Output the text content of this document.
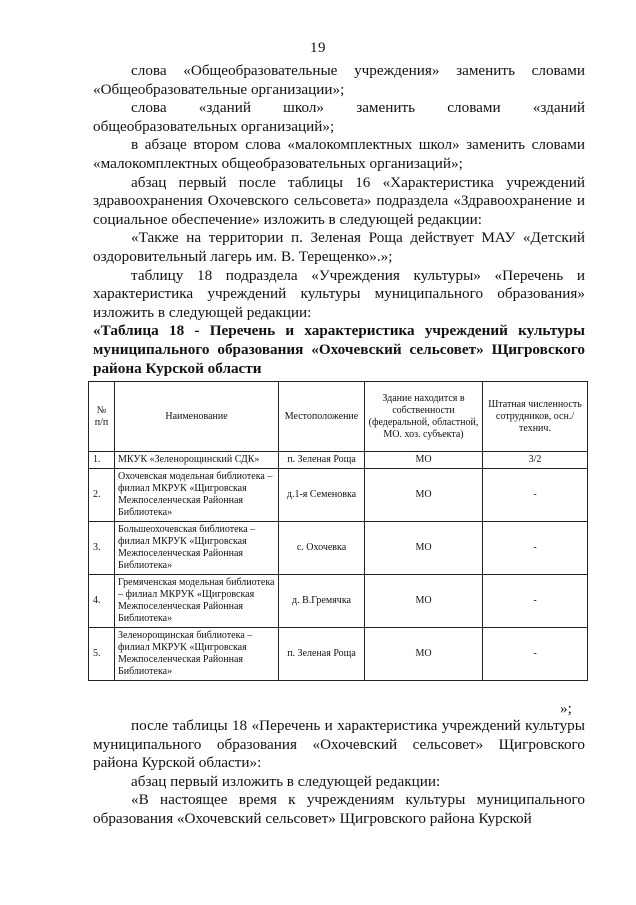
19

слова «Общеобразовательные учреждения» заменить словами «Общеобразовательные организации»;

слова «зданий школ» заменить словами «зданий общеобразовательных организаций»;

в абзаце втором слова «малокомплектных школ» заменить словами «малокомплектных общеобразовательных организаций»;

абзац первый после таблицы 16 «Характеристика учреждений здравоохранения Охочевского сельсовета» подраздела «Здравоохранение и социальное обеспечение» изложить в следующей редакции:

«Также на территории п. Зеленая Роща действует МАУ «Детский оздоровительный лагерь им. В. Терещенко».»;

таблицу 18 подраздела «Учреждения культуры» «Перечень и характеристика учреждений культуры муниципального образования» изложить в следующей редакции:

«Таблица 18 - Перечень и характеристика учреждений культуры муниципального образования «Охочевский сельсовет» Щигровского района Курской области

№ п/п	Наименование	Местоположение	Здание находится в собственности (федеральной, областной, МО. хоз. субъекта)	Штатная численность сотрудников, осн./технич.
1.	МКУК «Зеленорощинский СДК»	п. Зеленая Роща	МО	3/2
2.	Охочевская модельная библиотека – филиал МКРУК «Щигровская Межпоселенческая Районная Библиотека»	д.1-я Семеновка	МО	-
3.	Большеохочевская библиотека – филиал МКРУК «Щигровская Межпоселенческая Районная Библиотека»	с. Охочевка	МО	-
4.	Гремяченская модельная библиотека – филиал МКРУК «Щигровская Межпоселенческая Районная Библиотека»	д. В.Гремячка	МО	-
5.	Зеленорощинская библиотека – филиал МКРУК «Щигровская Межпоселенческая Районная Библиотека»	п. Зеленая Роща	МО	-
»;

после таблицы 18 «Перечень и характеристика учреждений культуры муниципального образования «Охочевский сельсовет» Щигровского района Курской области»:

абзац первый изложить в следующей редакции:

«В настоящее время к учреждениям культуры муниципального образования «Охочевский сельсовет» Щигровского района Курской
